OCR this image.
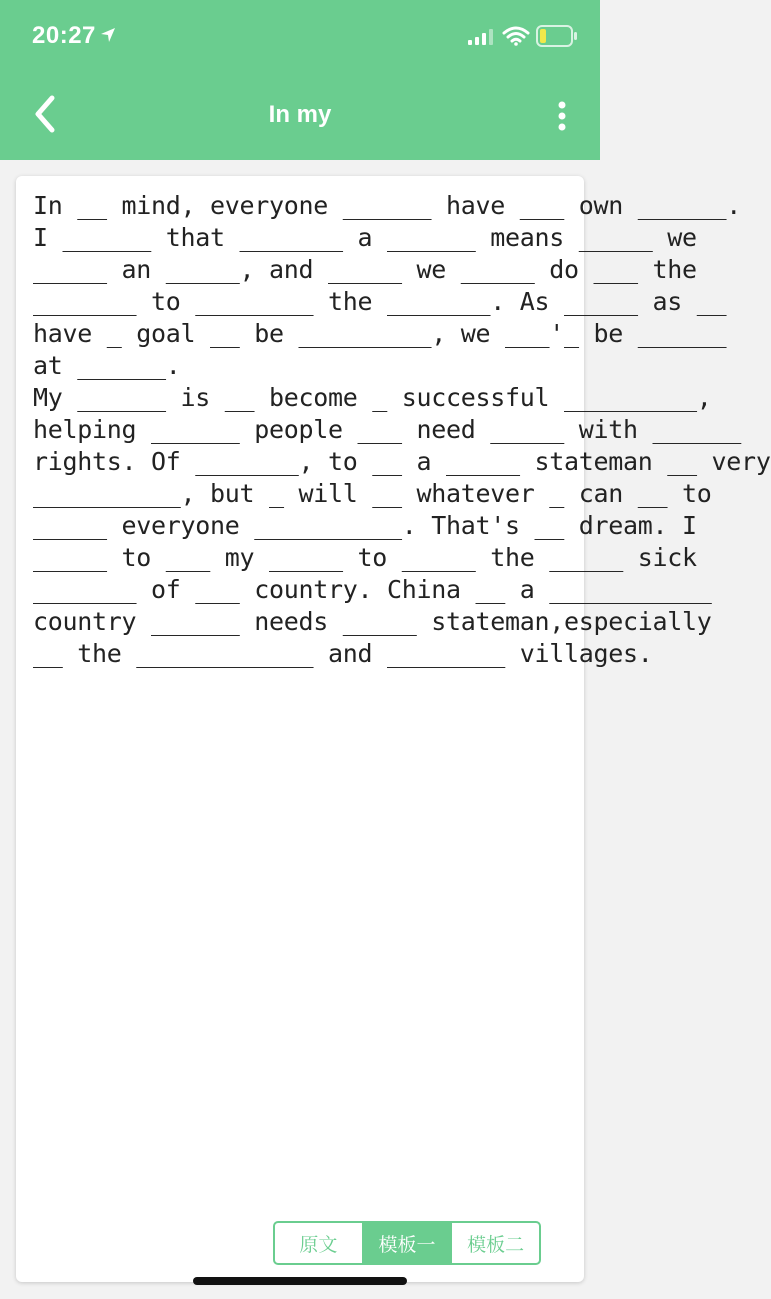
20:27
In my
In __ mind, everyone ______ have ___ own ______.
I ______ that _______ a ______ means _____ we
_____ an _____, and _____ we _____ do ___ the
_______ to ________ the _______. As _____ as __
have _ goal __ be _________, we ___'_ be ______
at ______.
My ______ is __ become _ successful _________,
helping ______ people ___ need _____ with ______
rights. Of _______, to __ a _____ stateman __ very
__________, but _ will __ whatever _ can __ to
_____ everyone __________. That's __ dream. I
_____ to ___ my _____ to _____ the _____ sick
_______ of ___ country. China __ a ___________
country ______ needs _____ stateman,especially
__ the ____________ and ________ villages.
原文	模板一	模板二
